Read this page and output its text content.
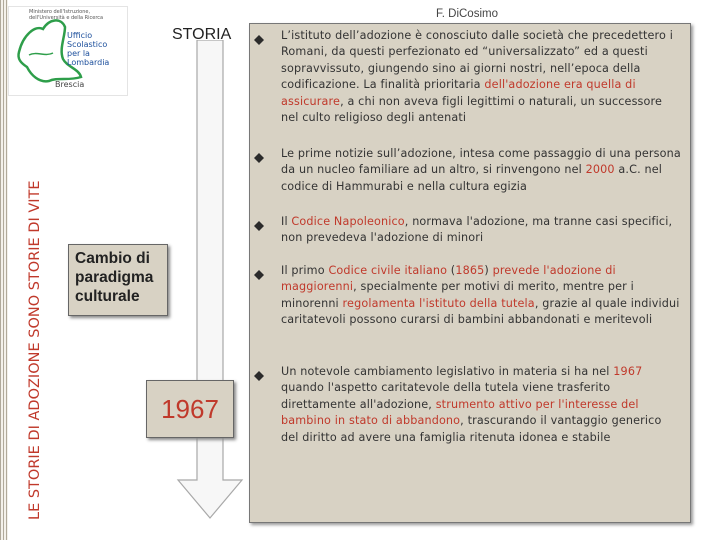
LE STORIE DI ADOZIONE SONO STORIE DI VITE
Ministero dell'Istruzione, dell'Università e della Ricerca
Ufficio
Scolastico
per la
Lombardia
Brescia
STORIA
Cambio di paradigma culturale
1967
F. DiCosimo
L’istituto dell’adozione è conosciuto dalle società che precedettero i Romani, da questi perfezionato ed “universalizzato” ed a questi sopravvissuto, giungendo sino ai giorni nostri, nell’epoca della codificazione. La finalità prioritaria dell'adozione era quella di assicurare, a chi non aveva figli legittimi o naturali, un successore nel culto religioso degli antenati
Le prime notizie sull’adozione, intesa come passaggio di una persona da un nucleo familiare ad un altro, si rinvengono nel 2000 a.C. nel codice di Hammurabi e nella cultura egizia
Il Codice Napoleonico, normava l'adozione, ma tranne casi specifici, non prevedeva l'adozione di minori
Il primo Codice civile italiano (1865) prevede l'adozione di maggiorenni, specialmente per motivi di merito, mentre per i minorenni regolamenta l'istituto della tutela, grazie al quale individui caritatevoli possono curarsi di bambini abbandonati e meritevoli
Un notevole cambiamento legislativo in materia si ha nel 1967 quando l'aspetto caritatevole della tutela viene trasferito direttamente all'adozione, strumento attivo per l'interesse del bambino in stato di abbandono, trascurando il vantaggio generico del diritto ad avere una famiglia ritenuta idonea e stabile
